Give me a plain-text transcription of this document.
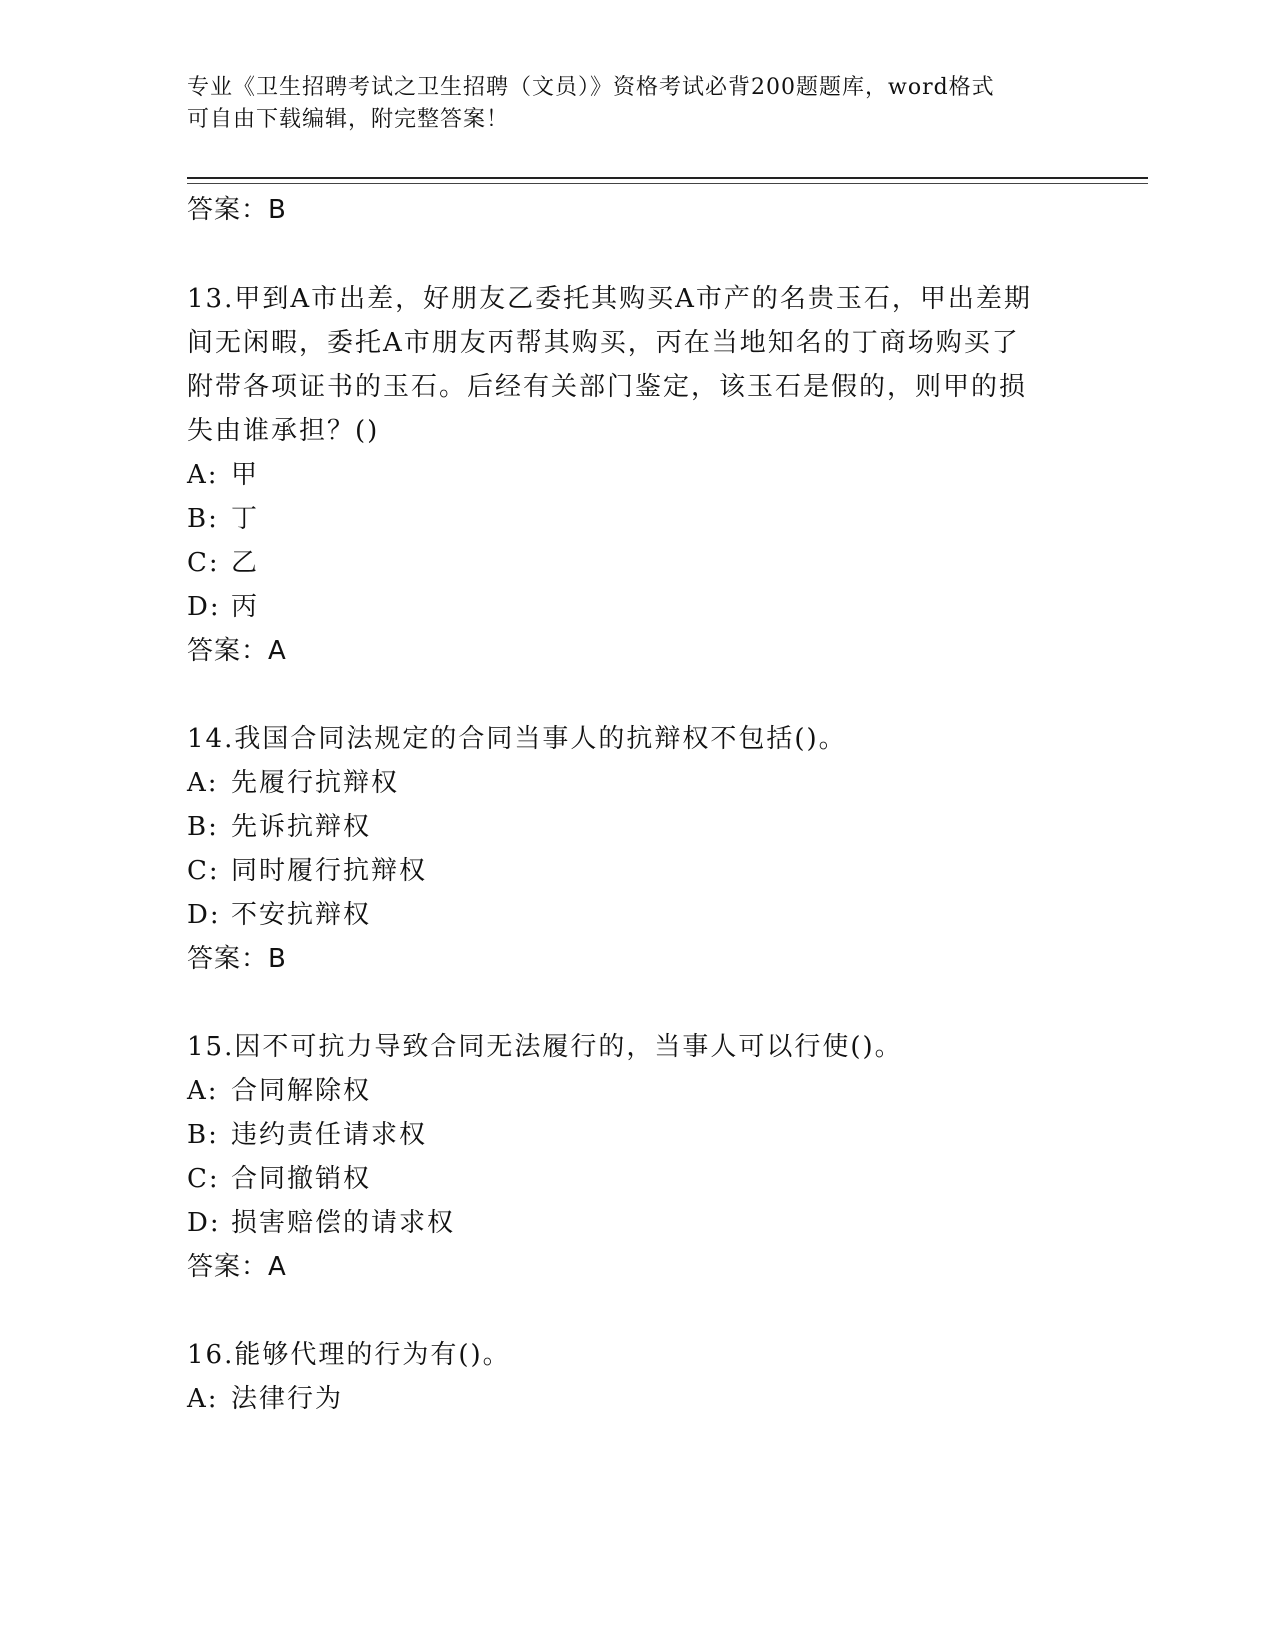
专业《卫生招聘考试之卫生招聘（文员）》资格考试必背200题题库，word格式
可自由下载编辑，附完整答案！
答案：B
13.甲到A市出差，好朋友乙委托其购买A市产的名贵玉石，甲出差期
间无闲暇，委托A市朋友丙帮其购买，丙在当地知名的丁商场购买了
附带各项证书的玉石。后经有关部门鉴定，该玉石是假的，则甲的损
失由谁承担？()
A: 甲
B: 丁
C: 乙
D: 丙
答案：A
14.我国合同法规定的合同当事人的抗辩权不包括()。
A: 先履行抗辩权
B: 先诉抗辩权
C: 同时履行抗辩权
D: 不安抗辩权
答案：B
15.因不可抗力导致合同无法履行的，当事人可以行使()。
A: 合同解除权
B: 违约责任请求权
C: 合同撤销权
D: 损害赔偿的请求权
答案：A
16.能够代理的行为有()。
A: 法律行为
